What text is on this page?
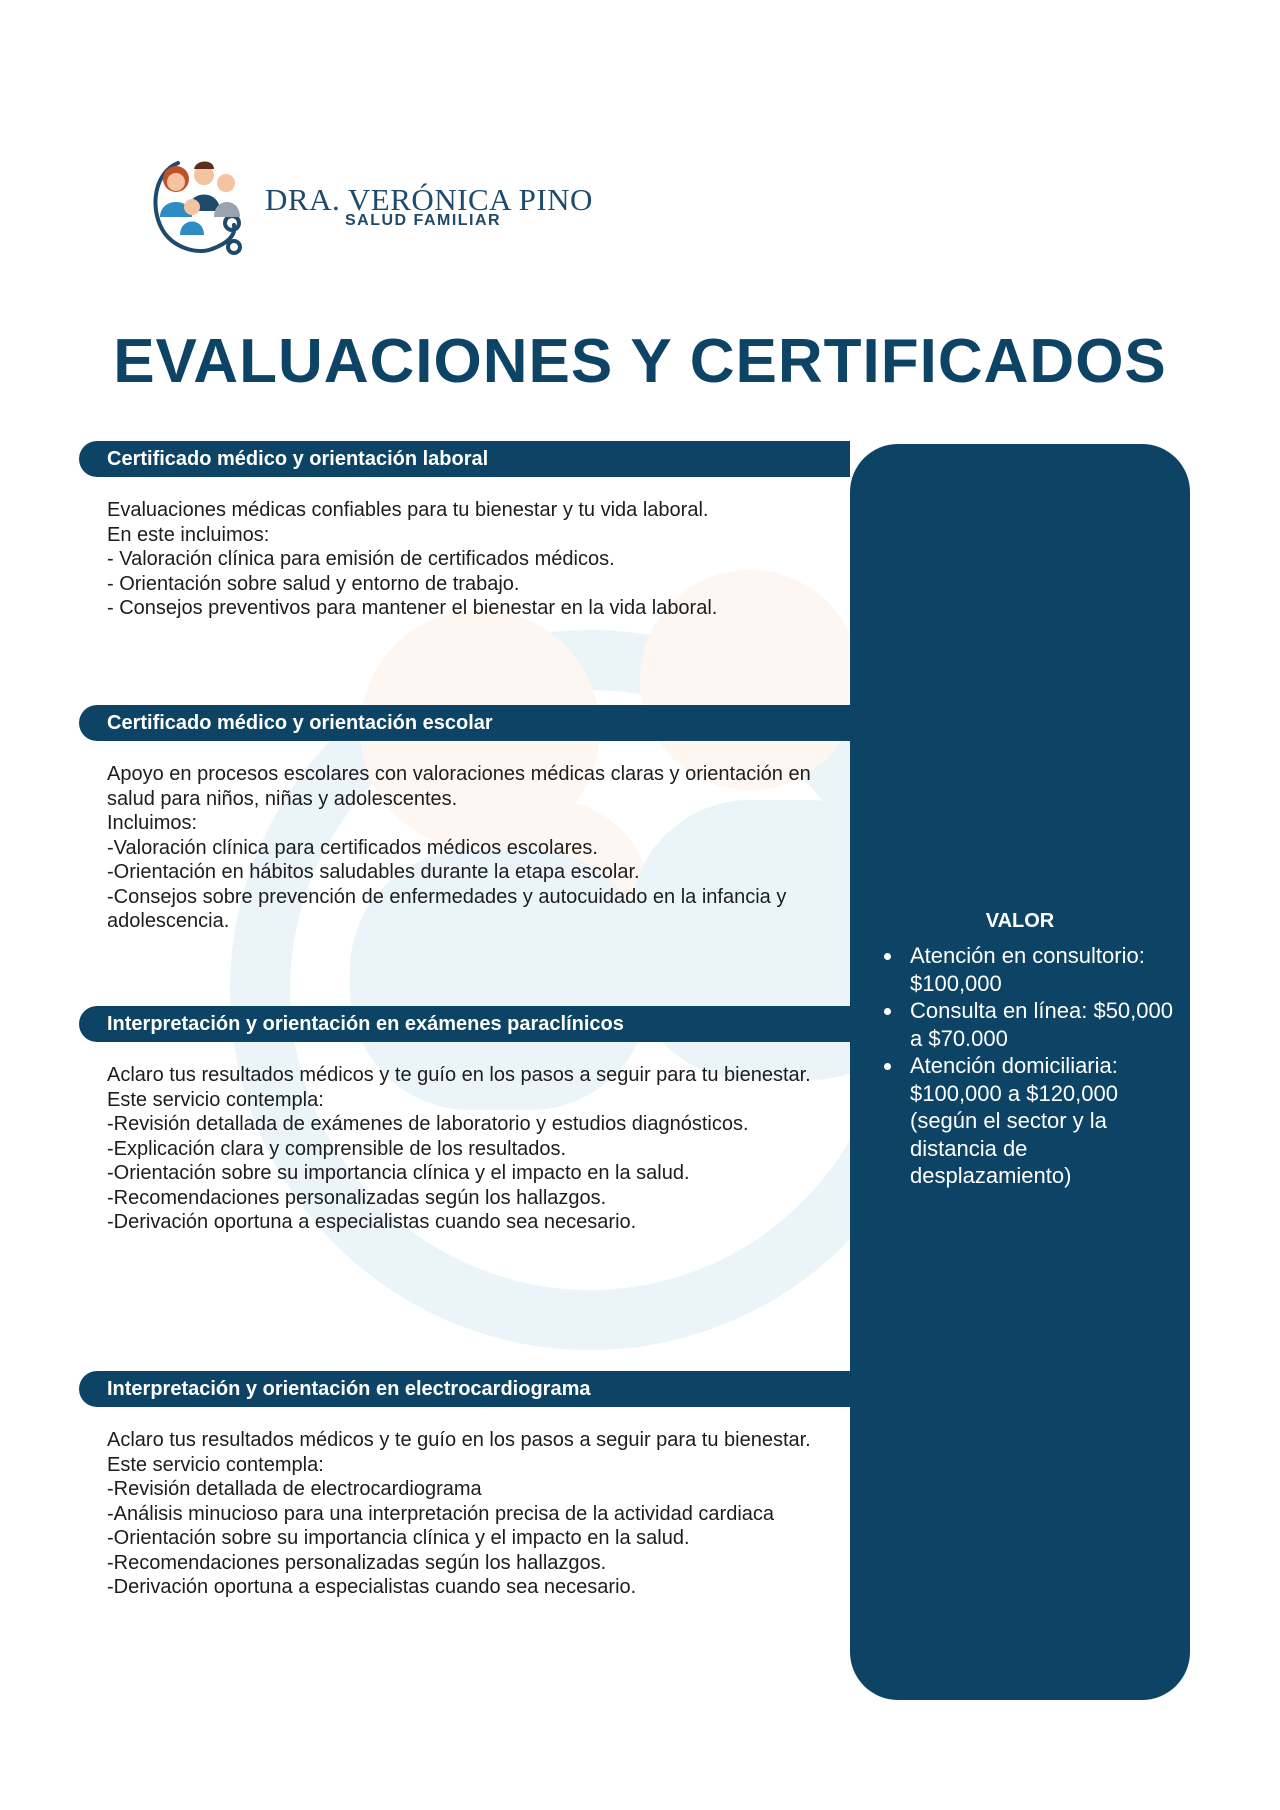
DRA. VERÓNICA PINO
SALUD FAMILIAR
EVALUACIONES Y CERTIFICADOS
Certificado médico y orientación laboral
Evaluaciones médicas confiables para tu bienestar y tu vida laboral.
En este incluimos:
- Valoración clínica para emisión de certificados médicos.
- Orientación sobre salud y entorno de trabajo.
- Consejos preventivos para mantener el bienestar en la vida laboral.
Certificado médico y orientación escolar
Apoyo en procesos escolares con valoraciones médicas claras y orientación en salud para niños, niñas y adolescentes.
Incluimos:
-Valoración clínica para certificados médicos escolares.
-Orientación en hábitos saludables durante la etapa escolar.
-Consejos sobre prevención de enfermedades y autocuidado en la infancia y adolescencia.
Interpretación y orientación en exámenes paraclínicos
Aclaro tus resultados médicos y te guío en los pasos a seguir para tu bienestar.
Este servicio contempla:
-Revisión detallada de exámenes de laboratorio y estudios diagnósticos.
-Explicación clara y comprensible de los resultados.
-Orientación sobre su importancia clínica y el impacto en la salud.
-Recomendaciones personalizadas según los hallazgos.
-Derivación oportuna a especialistas cuando sea necesario.
Interpretación y orientación en electrocardiograma
Aclaro tus resultados médicos y te guío en los pasos a seguir para tu bienestar.
Este servicio contempla:
-Revisión detallada de electrocardiograma
-Análisis minucioso para una interpretación precisa de la actividad cardiaca
-Orientación sobre su importancia clínica y el impacto en la salud.
-Recomendaciones personalizadas según los hallazgos.
-Derivación oportuna a especialistas cuando sea necesario.
VALOR
Atención en consultorio: $100,000
Consulta en línea: $50,000 a $70.000
Atención domiciliaria: $100,000 a $120,000 (según el sector y la distancia de desplazamiento)
